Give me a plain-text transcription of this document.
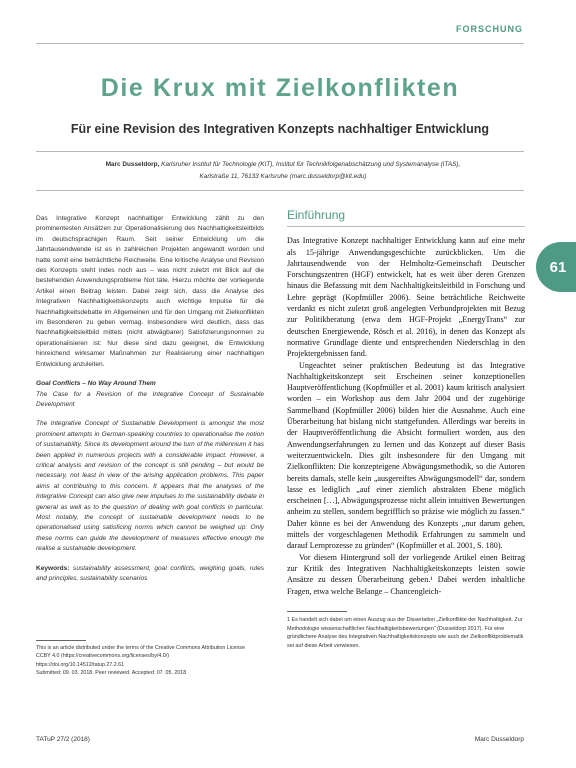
FORSCHUNG
61
Die Krux mit Zielkonflikten
Für eine Revision des Integrativen Konzepts nachhaltiger Entwicklung
Marc Dusseldorp, Karlsruher Institut für Technologie (KIT), Institut für Technikfolgenabschätzung und Systemanalyse (ITAS),
Karlstraße 11, 76133 Karlsruhe (marc.dusseldorp@kit.edu)

Das Integrative Konzept nachhaltiger Entwicklung zählt zu den prominentesten Ansätzen zur Operationalisierung des Nachhaltigkeitsleitbilds im deutschsprachigen Raum. Seit seiner Entwicklung um die Jahrtausendwende ist es in zahlreichen Projekten angewandt worden und hatte somit eine beträchtliche Reichweite. Eine kritische Analyse und Revision des Konzepts steht indes noch aus – was nicht zuletzt mit Blick auf die bestehenden Anwendungsprobleme Not täte. Hierzu möchte der vorliegende Artikel einen Beitrag leisten. Dabei zeigt sich, dass die Analyse des Integrativen Nachhaltigkeitskonzepts auch wichtige Impulse für die Nachhaltigkeitsdebatte im Allgemeinen und für den Umgang mit Zielkonflikten im Besonderen zu geben vermag. Insbesondere wird deutlich, dass das Nachhaltigkeitsleitbild mittels (nicht abwägbarer) Satisfizierungsnormen zu operationalisieren ist: Nur diese sind dazu geeignet, die Entwicklung hinreichend wirksamer Maßnahmen zur Realisierung einer nachhaltigen Entwicklung anzuleiten.

Goal Conflicts – No Way Around Them
The Case for a Revision of the Integrative Concept of Sustainable Development

The Integrative Concept of Sustainable Development is amongst the most prominent attempts in German-speaking countries to operationalise the notion of sustainability. Since its development around the turn of the millennium it has been applied in numerous projects with a considerable impact. However, a critical analysis and revision of the concept is still pending – but would be necessary, not least in view of the arising application problems. This paper aims at contributing to this concern. It appears that the analyses of the Integrative Concept can also give new impulses to the sustainability debate in general as well as to the question of dealing with goal conflicts in particular. Most notably, the concept of sustainable development needs to be operationalised using satisficing norms which cannot be weighed up: Only these norms can guide the development of measures effective enough the realise a sustainable development.

Keywords: sustainability assessment, goal conflicts, weighing goals, rules and principles, sustainability scenarios

This is an article distributed under the terms of the Creative Commons Attribution License
CCBY 4.0 (https://creativecommons.org/licenses/by/4.0/)
https://doi.org/10.14512/tatup.27.2.61
Submitted: 09. 03. 2018. Peer reviewed. Accepted: 07. 05. 2018
Einführung

Das Integrative Konzept nachhaltiger Entwicklung kann auf eine mehr als 15-jährige Anwendungsgeschichte zurückblicken. Um die Jahrtausendwende von der Helmholtz-Gemeinschaft Deutscher Forschungszentren (HGF) entwickelt, hat es weit über deren Grenzen hinaus die Befassung mit dem Nachhaltigkeitsleitbild in Forschung und Lehre geprägt (Kopfmüller 2006). Seine beträchtliche Reichweite verdankt es nicht zuletzt groß angelegten Verbundprojekten mit Bezug zur Politikberatung (etwa dem HGF-Projekt „EnergyTrans“ zur deutschen Energiewende, Rösch et al. 2016), in denen das Konzept als normative Grundlage diente und entsprechenden Niederschlag in den Projektergebnissen fand.

Ungeachtet seiner praktischen Bedeutung ist das Integrative Nachhaltigkeitskonzept seit Erscheinen seiner konzeptionellen Hauptveröffentlichung (Kopfmüller et al. 2001) kaum kritisch analysiert worden – ein Workshop aus dem Jahr 2004 und der zugehörige Sammelband (Kopfmüller 2006) bilden hier die Ausnahme. Auch eine Überarbeitung hat bislang nicht stattgefunden. Allerdings war bereits in der Hauptveröffentlichung die Absicht formuliert worden, aus den Anwendungserfahrungen zu lernen und das Konzept auf dieser Basis weiterzuentwickeln. Dies gilt insbesondere für den Umgang mit Zielkonflikten: Die konzepteigene Abwägungsmethodik, so die Autoren bereits damals, stelle kein „ausgereiftes Abwägungsmodell“ dar, sondern lasse es lediglich „auf einer ziemlich abstrakten Ebene möglich erscheinen […], Abwägungsprozesse nicht allein intuitiven Bewertungen anheim zu stellen, sondern begrifflich so präzise wie möglich zu fassen.“ Daher könne es bei der Anwendung des Konzepts „nur darum gehen, mittels der vorgeschlagenen Methodik Erfahrungen zu sammeln und darauf Lernprozesse zu gründen“ (Kopfmüller et al. 2001, S. 180).

Vor diesem Hintergrund soll der vorliegende Artikel einen Beitrag zur Kritik des Integrativen Nachhaltigkeitskonzepts leisten sowie Ansätze zu dessen Überarbeitung geben.¹ Dabei werden inhaltliche Fragen, etwa welche Belange – Chancengleich-

1 Es handelt sich dabei um einen Auszug aus der Dissertation „Zielkonflikte der Nachhaltigkeit. Zur Methodologie wissenschaftlicher Nachhaltigkeitsbewertungen“ (Dusseldorp 2017). Für eine gründlichere Analyse des Integrativen Nachhaltigkeitskonzepts wie auch der Zielkonfliktproblematik sei auf diese Arbeit verwiesen.
TATuP 27/2 (2018)	Marc Dusseldorp
